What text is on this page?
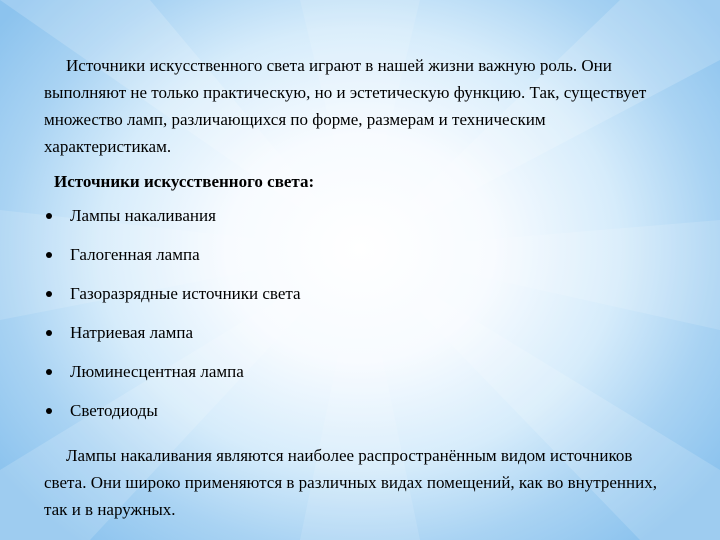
Источники искусственного света играют в нашей жизни важную роль. Они выполняют не только практическую, но и эстетическую функцию. Так, существует множество ламп, различающихся по форме, размерам и техническим характеристикам.

Источники искусственного света:
Лампы накаливания
Галогенная лампа
Газоразрядные источники света
Натриевая лампа
Люминесцентная лампа
Светодиоды

Лампы накаливания являются наиболее распространённым видом источников света. Они широко применяются в различных видах помещений, как во внутренних, так и в наружных.
